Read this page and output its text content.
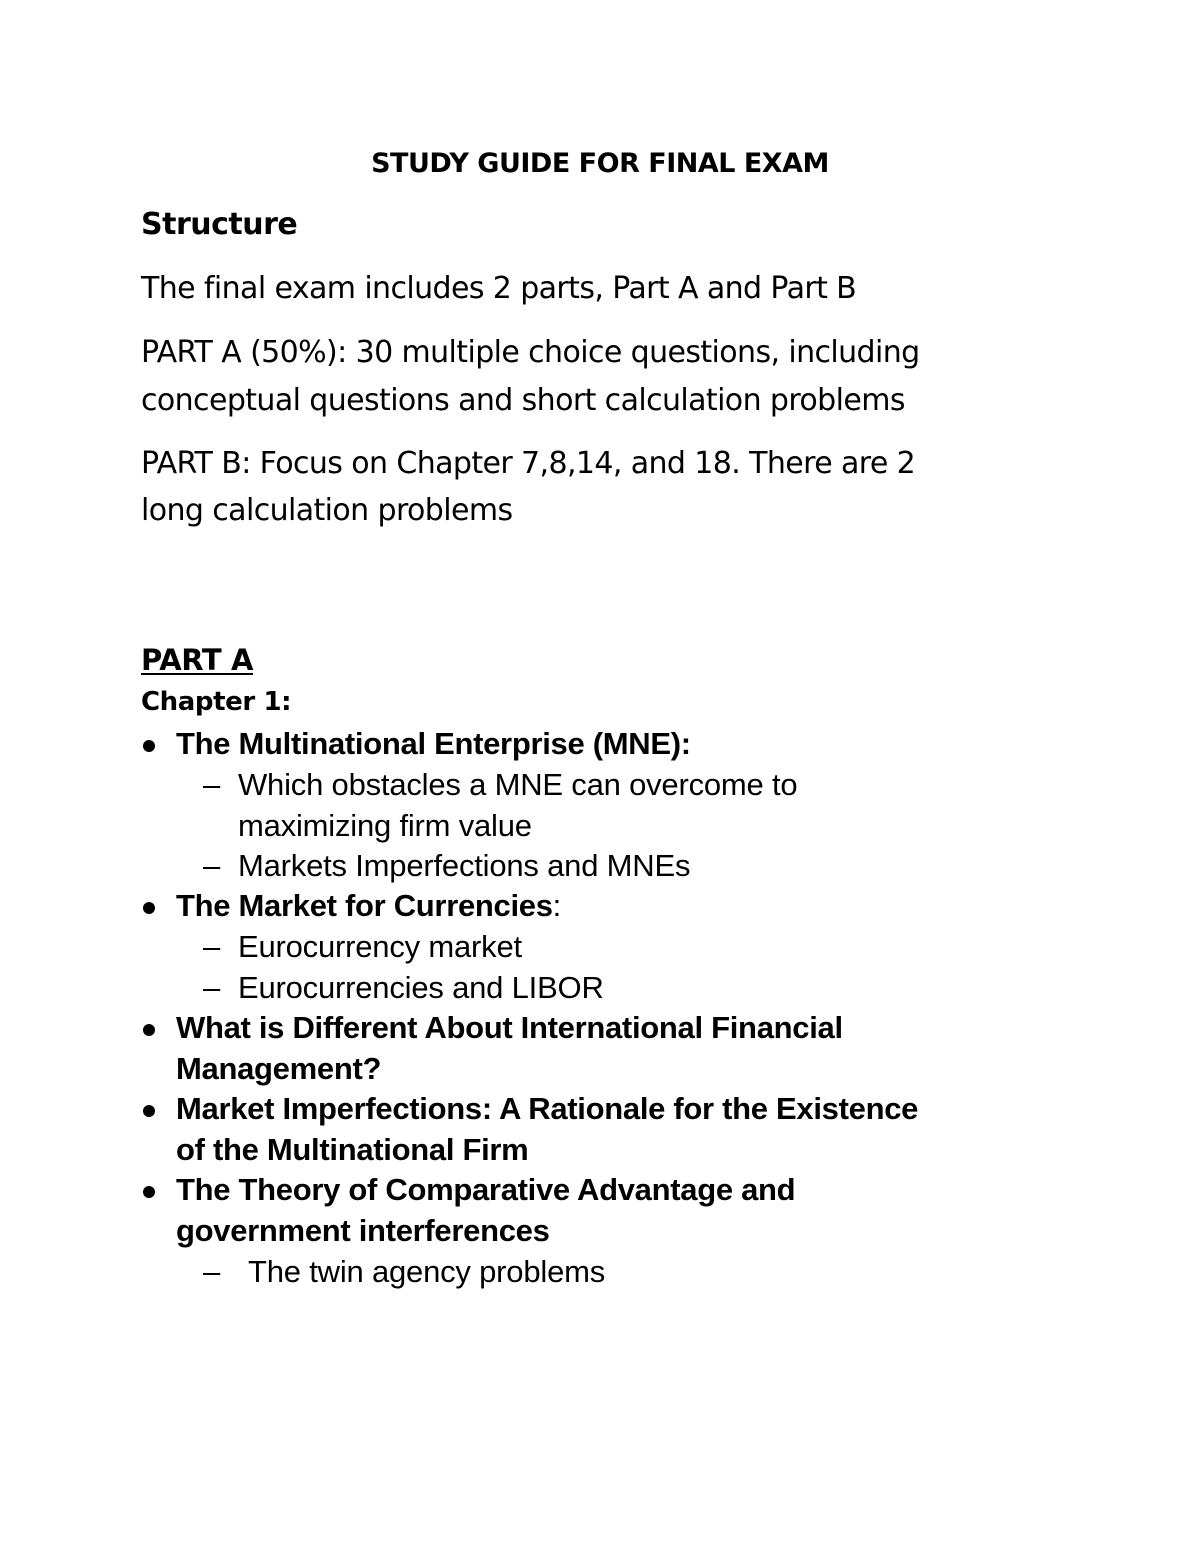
STUDY GUIDE FOR FINAL EXAM
Structure
The final exam includes 2 parts, Part A and Part B
PART A (50%): 30 multiple choice questions, including
conceptual questions and short calculation problems
PART B: Focus on Chapter 7,8,14, and 18. There are 2
long calculation problems
PART A
Chapter 1:
The Multinational Enterprise (MNE):
– Which obstacles a MNE can overcome to
maximizing firm value
– Markets Imperfections and MNEs
The Market for Currencies:
– Eurocurrency market
– Eurocurrencies and LIBOR
What is Different About International Financial
Management?
Market Imperfections: A Rationale for the Existence
of the Multinational Firm
The Theory of Comparative Advantage and
government interferences
– The twin agency problems
